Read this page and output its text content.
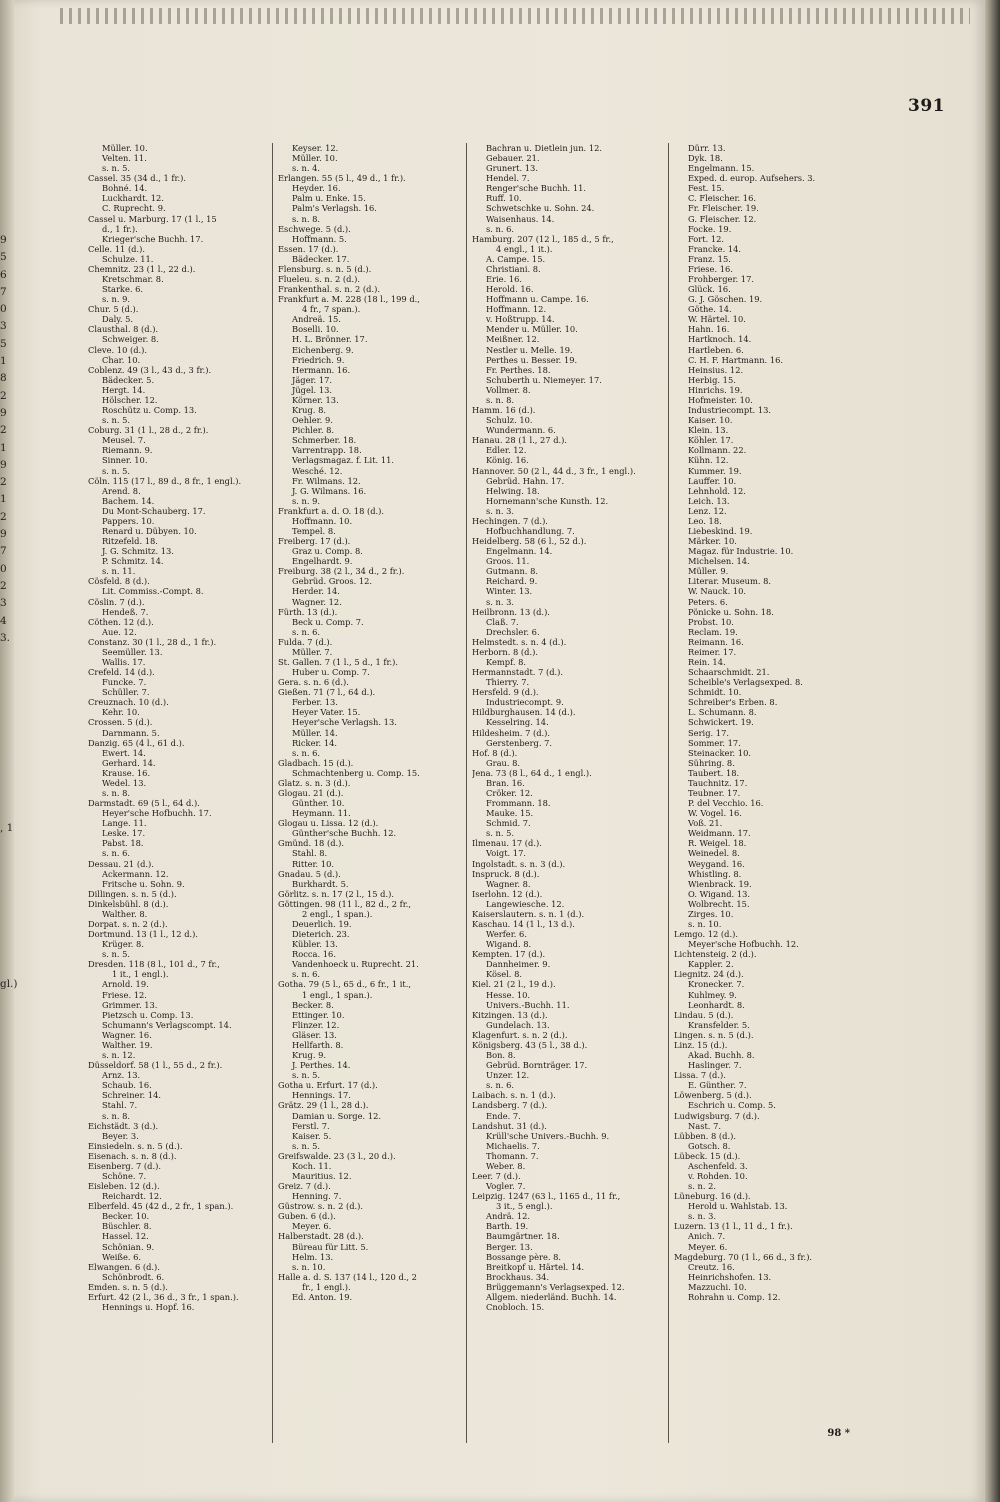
391
9
5
6
7
0
3
5
1
8
2
9
2
1
9
2
1
2
9
7
0
2
3
4
3.
, 1
gl.)
Müller. 10.
Velten. 11.
s. n. 5.
Cassel. 35 (34 d., 1 fr.).
Bohné. 14.
Luckhardt. 12.
C. Ruprecht. 9.
Cassel u. Marburg. 17 (1 l., 15
d., 1 fr.).
Krieger'sche Buchh. 17.
Celle. 11 (d.).
Schulze. 11.
Chemnitz. 23 (1 l., 22 d.).
Kretschmar. 8.
Starke. 6.
s. n. 9.
Chur. 5 (d.).
Daly. 5.
Clausthal. 8 (d.).
Schweiger. 8.
Cleve. 10 (d.).
Char. 10.
Coblenz. 49 (3 l., 43 d., 3 fr.).
Bädecker. 5.
Hergt. 14.
Hölscher. 12.
Roschütz u. Comp. 13.
s. n. 5.
Coburg. 31 (1 l., 28 d., 2 fr.).
Meusel. 7.
Riemann. 9.
Sinner. 10.
s. n. 5.
Cöln. 115 (17 l., 89 d., 8 fr., 1 engl.).
Arend. 8.
Bachem. 14.
Du Mont-Schauberg. 17.
Pappers. 10.
Renard u. Dübyen. 10.
Ritzefeld. 18.
J. G. Schmitz. 13.
P. Schmitz. 14.
s. n. 11.
Cösfeld. 8 (d.).
Lit. Commiss.-Compt. 8.
Cöslin. 7 (d.).
Hendeß. 7.
Cöthen. 12 (d.).
Aue. 12.
Constanz. 30 (1 l., 28 d., 1 fr.).
Seemüller. 13.
Wallis. 17.
Crefeld. 14 (d.).
Funcke. 7.
Schüller. 7.
Creuznach. 10 (d.).
Kehr. 10.
Crossen. 5 (d.).
Darnmann. 5.
Danzig. 65 (4 l., 61 d.).
Ewert. 14.
Gerhard. 14.
Krause. 16.
Wedel. 13.
s. n. 8.
Darmstadt. 69 (5 l., 64 d.).
Heyer'sche Hofbuchh. 17.
Lange. 11.
Leske. 17.
Pabst. 18.
s. n. 6.
Dessau. 21 (d.).
Ackermann. 12.
Fritsche u. Sohn. 9.
Dillingen. s. n. 5 (d.).
Dinkelsbühl. 8 (d.).
Walther. 8.
Dorpat. s. n. 2 (d.).
Dortmund. 13 (1 l., 12 d.).
Krüger. 8.
s. n. 5.
Dresden. 118 (8 l., 101 d., 7 fr.,
1 it., 1 engl.).
Arnold. 19.
Friese. 12.
Grimmer. 13.
Pietzsch u. Comp. 13.
Schumann's Verlagscompt. 14.
Wagner. 16.
Walther. 19.
s. n. 12.
Düsseldorf. 58 (1 l., 55 d., 2 fr.).
Arnz. 13.
Schaub. 16.
Schreiner. 14.
Stahl. 7.
s. n. 8.
Eichstädt. 3 (d.).
Beyer. 3.
Einsiedeln. s. n. 5 (d.).
Eisenach. s. n. 8 (d.).
Eisenberg. 7 (d.).
Schöne. 7.
Eisleben. 12 (d.).
Reichardt. 12.
Elberfeld. 45 (42 d., 2 fr., 1 span.).
Becker. 10.
Büschler. 8.
Hassel. 12.
Schönian. 9.
Weiße. 6.
Elwangen. 6 (d.).
Schönbrodt. 6.
Emden. s. n. 5 (d.).
Erfurt. 42 (2 l., 36 d., 3 fr., 1 span.).
Hennings u. Hopf. 16.
Keyser. 12.
Müller. 10.
s. n. 4.
Erlangen. 55 (5 l., 49 d., 1 fr.).
Heyder. 16.
Palm u. Enke. 15.
Palm's Verlagsh. 16.
s. n. 8.
Eschwege. 5 (d.).
Hoffmann. 5.
Essen. 17 (d.).
Bädecker. 17.
Flensburg. s. n. 5 (d.).
Flueleu. s. n. 2 (d.).
Frankenthal. s. n. 2 (d.).
Frankfurt a. M. 228 (18 l., 199 d.,
4 fr., 7 span.).
Andreä. 15.
Boselli. 10.
H. L. Brönner. 17.
Eichenberg. 9.
Friedrich. 9.
Hermann. 16.
Jäger. 17.
Jügel. 13.
Körner. 13.
Krug. 8.
Oehler. 9.
Pichler. 8.
Schmerber. 18.
Varrentrapp. 18.
Verlagsmagaz. f. Lit. 11.
Wesché. 12.
Fr. Wilmans. 12.
J. G. Wilmans. 16.
s. n. 9.
Frankfurt a. d. O. 18 (d.).
Hoffmann. 10.
Tempel. 8.
Freiberg. 17 (d.).
Graz u. Comp. 8.
Engelhardt. 9.
Freiburg. 38 (2 l., 34 d., 2 fr.).
Gebrüd. Groos. 12.
Herder. 14.
Wagner. 12.
Fürth. 13 (d.).
Beck u. Comp. 7.
s. n. 6.
Fulda. 7 (d.).
Müller. 7.
St. Gallen. 7 (1 l., 5 d., 1 fr.).
Huber u. Comp. 7.
Gera. s. n. 6 (d.).
Gießen. 71 (7 l., 64 d.).
Ferber. 13.
Heyer Vater. 15.
Heyer'sche Verlagsh. 13.
Müller. 14.
Ricker. 14.
s. n. 6.
Gladbach. 15 (d.).
Schmachtenberg u. Comp. 15.
Glatz. s. n. 3 (d.).
Glogau. 21 (d.).
Günther. 10.
Heymann. 11.
Glogau u. Lissa. 12 (d.).
Günther'sche Buchh. 12.
Gmünd. 18 (d.).
Stahl. 8.
Ritter. 10.
Gnadau. 5 (d.).
Burkhardt. 5.
Görlitz. s. n. 17 (2 l., 15 d.).
Göttingen. 98 (11 l., 82 d., 2 fr.,
2 engl., 1 span.).
Deuerlich. 19.
Dieterich. 23.
Kübler. 13.
Rocca. 16.
Vandenhoeck u. Ruprecht. 21.
s. n. 6.
Gotha. 79 (5 l., 65 d., 6 fr., 1 it.,
1 engl., 1 span.).
Becker. 8.
Ettinger. 10.
Flinzer. 12.
Gläser. 13.
Hellfarth. 8.
Krug. 9.
J. Perthes. 14.
s. n. 5.
Gotha u. Erfurt. 17 (d.).
Hennings. 17.
Grätz. 29 (1 l., 28 d.).
Damian u. Sorge. 12.
Ferstl. 7.
Kaiser. 5.
s. n. 5.
Greifswalde. 23 (3 l., 20 d.).
Koch. 11.
Mauritius. 12.
Greiz. 7 (d.).
Henning. 7.
Güstrow. s. n. 2 (d.).
Guben. 6 (d.).
Meyer. 6.
Halberstadt. 28 (d.).
Büreau für Litt. 5.
Helm. 13.
s. n. 10.
Halle a. d. S. 137 (14 l., 120 d., 2
fr., 1 engl.).
Ed. Anton. 19.
Bachran u. Dietlein jun. 12.
Gebauer. 21.
Grunert. 13.
Hendel. 7.
Renger'sche Buchh. 11.
Ruff. 10.
Schwetschke u. Sohn. 24.
Waisenhaus. 14.
s. n. 6.
Hamburg. 207 (12 l., 185 d., 5 fr.,
4 engl., 1 it.).
A. Campe. 15.
Christiani. 8.
Erie. 16.
Herold. 16.
Hoffmann u. Campe. 16.
Hoffmann. 12.
v. Hoßtrupp. 14.
Mender u. Müller. 10.
Meißner. 12.
Nestler u. Melle. 19.
Perthes u. Besser. 19.
Fr. Perthes. 18.
Schuberth u. Niemeyer. 17.
Vollmer. 8.
s. n. 8.
Hamm. 16 (d.).
Schulz. 10.
Wundermann. 6.
Hanau. 28 (1 l., 27 d.).
Edler. 12.
König. 16.
Hannover. 50 (2 l., 44 d., 3 fr., 1 engl.).
Gebrüd. Hahn. 17.
Helwing. 18.
Hornemann'sche Kunsth. 12.
s. n. 3.
Hechingen. 7 (d.).
Hofbuchhandlung. 7.
Heidelberg. 58 (6 l., 52 d.).
Engelmann. 14.
Groos. 11.
Gutmann. 8.
Reichard. 9.
Winter. 13.
s. n. 3.
Heilbronn. 13 (d.).
Claß. 7.
Drechsler. 6.
Helmstedt. s. n. 4 (d.).
Herborn. 8 (d.).
Kempf. 8.
Hermannstadt. 7 (d.).
Thierry. 7.
Hersfeld. 9 (d.).
Industriecompt. 9.
Hildburghausen. 14 (d.).
Kesselring. 14.
Hildesheim. 7 (d.).
Gerstenberg. 7.
Hof. 8 (d.).
Grau. 8.
Jena. 73 (8 l., 64 d., 1 engl.).
Bran. 16.
Cröker. 12.
Frommann. 18.
Mauke. 15.
Schmid. 7.
s. n. 5.
Ilmenau. 17 (d.).
Voigt. 17.
Ingolstadt. s. n. 3 (d.).
Inspruck. 8 (d.).
Wagner. 8.
Iserlohn. 12 (d.).
Langewiesche. 12.
Kaiserslautern. s. n. 1 (d.).
Kaschau. 14 (1 l., 13 d.).
Werfer. 6.
Wigand. 8.
Kempten. 17 (d.).
Dannheimer. 9.
Kösel. 8.
Kiel. 21 (2 l., 19 d.).
Hesse. 10.
Univers.-Buchh. 11.
Kitzingen. 13 (d.).
Gundelach. 13.
Klagenfurt. s. n. 2 (d.).
Königsberg. 43 (5 l., 38 d.).
Bon. 8.
Gebrüd. Bornträger. 17.
Unzer. 12.
s. n. 6.
Laibach. s. n. 1 (d.).
Landsberg. 7 (d.).
Ende. 7.
Landshut. 31 (d.).
Krüll'sche Univers.-Buchh. 9.
Michaelis. 7.
Thomann. 7.
Weber. 8.
Leer. 7 (d.).
Vogler. 7.
Leipzig. 1247 (63 l., 1165 d., 11 fr.,
3 it., 5 engl.).
Andrä. 12.
Barth. 19.
Baumgärtner. 18.
Berger. 13.
Bossange père. 8.
Breitkopf u. Härtel. 14.
Brockhaus. 34.
Brüggemann's Verlagsexped. 12.
Allgem. niederländ. Buchh. 14.
Cnobloch. 15.
Dürr. 13.
Dyk. 18.
Engelmann. 15.
Exped. d. europ. Aufsehers. 3.
Fest. 15.
C. Fleischer. 16.
Fr. Fleischer. 19.
G. Fleischer. 12.
Focke. 19.
Fort. 12.
Francke. 14.
Franz. 15.
Friese. 16.
Frohberger. 17.
Glück. 16.
G. J. Göschen. 19.
Göthe. 14.
W. Härtel. 10.
Hahn. 16.
Hartknoch. 14.
Hartleben. 6.
C. H. F. Hartmann. 16.
Heinsius. 12.
Herbig. 15.
Hinrichs. 19.
Hofmeister. 10.
Industriecompt. 13.
Kaiser. 10.
Klein. 13.
Köhler. 17.
Kollmann. 22.
Kühn. 12.
Kummer. 19.
Lauffer. 10.
Lehnhold. 12.
Leich. 13.
Lenz. 12.
Leo. 18.
Liebeskind. 19.
Märker. 10.
Magaz. für Industrie. 10.
Michelsen. 14.
Müller. 9.
Literar. Museum. 8.
W. Nauck. 10.
Peters. 6.
Pönicke u. Sohn. 18.
Probst. 10.
Reclam. 19.
Reimann. 16.
Reimer. 17.
Rein. 14.
Schaarschmidt. 21.
Scheible's Verlagsexped. 8.
Schmidt. 10.
Schreiber's Erben. 8.
L. Schumann. 8.
Schwickert. 19.
Serig. 17.
Sommer. 17.
Steinacker. 10.
Sühring. 8.
Taubert. 18.
Tauchnitz. 17.
Teubner. 17.
P. del Vecchio. 16.
W. Vogel. 16.
Voß. 21.
Weidmann. 17.
R. Weigel. 18.
Weinedel. 8.
Weygand. 16.
Whistling. 8.
Wienbrack. 19.
O. Wigand. 13.
Wolbrecht. 15.
Zirges. 10.
s. n. 10.
Lemgo. 12 (d.).
Meyer'sche Hofbuchh. 12.
Lichtensteig. 2 (d.).
Kappler. 2.
Liegnitz. 24 (d.).
Kronecker. 7.
Kuhlmey. 9.
Leonhardt. 8.
Lindau. 5 (d.).
Kransfelder. 5.
Lingen. s. n. 5 (d.).
Linz. 15 (d.).
Akad. Buchh. 8.
Haslinger. 7.
Lissa. 7 (d.).
E. Günther. 7.
Löwenberg. 5 (d.).
Eschrich u. Comp. 5.
Ludwigsburg. 7 (d.).
Nast. 7.
Lübben. 8 (d.).
Gotsch. 8.
Lübeck. 15 (d.).
Aschenfeld. 3.
v. Rohden. 10.
s. n. 2.
Lüneburg. 16 (d.).
Herold u. Wahlstab. 13.
s. n. 3.
Luzern. 13 (1 l., 11 d., 1 fr.).
Anich. 7.
Meyer. 6.
Magdeburg. 70 (1 l., 66 d., 3 fr.).
Creutz. 16.
Heinrichshofen. 13.
Mazzuchi. 10.
Rohrahn u. Comp. 12.
98 *
